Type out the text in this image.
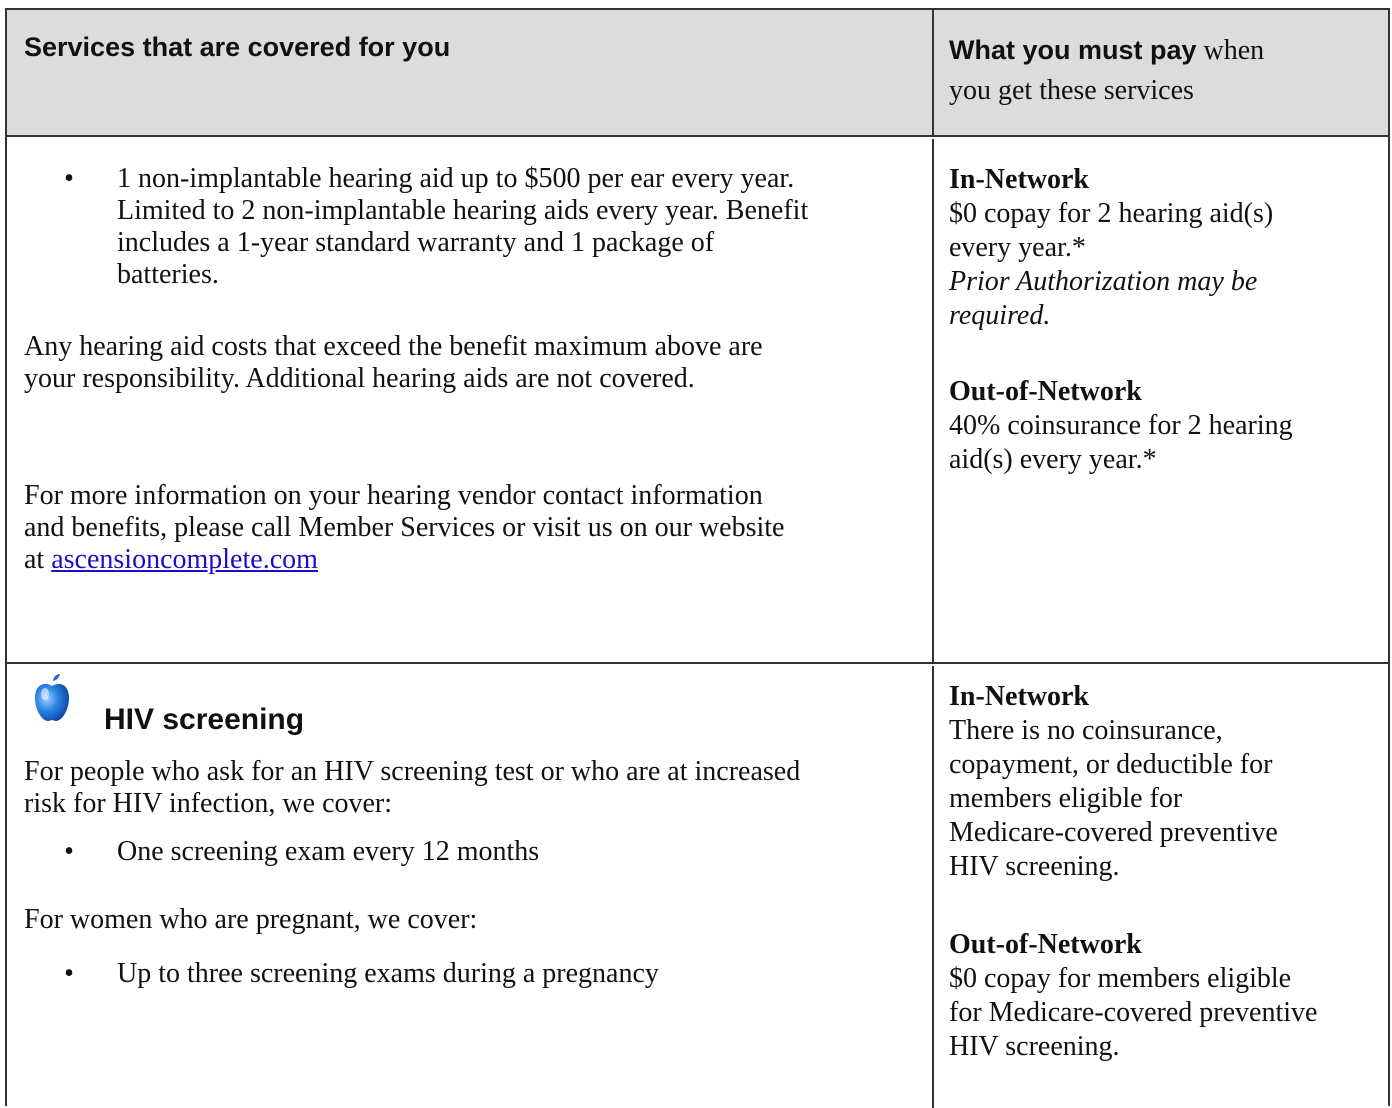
Services that are covered for you	What you must pay when
you get these services
• 1 non-implantable hearing aid up to $500 per ear every year.
Limited to 2 non-implantable hearing aids every year. Benefit
includes a 1-year standard warranty and 1 package of
batteries.
Any hearing aid costs that exceed the benefit maximum above are
your responsibility. Additional hearing aids are not covered.
For more information on your hearing vendor contact information
and benefits, please call Member Services or visit us on our website
at ascensioncomplete.com
In-Network
$0 copay for 2 hearing aid(s)
every year.*
Prior Authorization may be
required.
Out-of-Network
40% coinsurance for 2 hearing
aid(s) every year.*
HIV screening
For people who ask for an HIV screening test or who are at increased
risk for HIV infection, we cover:
• One screening exam every 12 months
For women who are pregnant, we cover:
• Up to three screening exams during a pregnancy
In-Network
There is no coinsurance,
copayment, or deductible for
members eligible for
Medicare-covered preventive
HIV screening.
Out-of-Network
$0 copay for members eligible
for Medicare-covered preventive
HIV screening.
